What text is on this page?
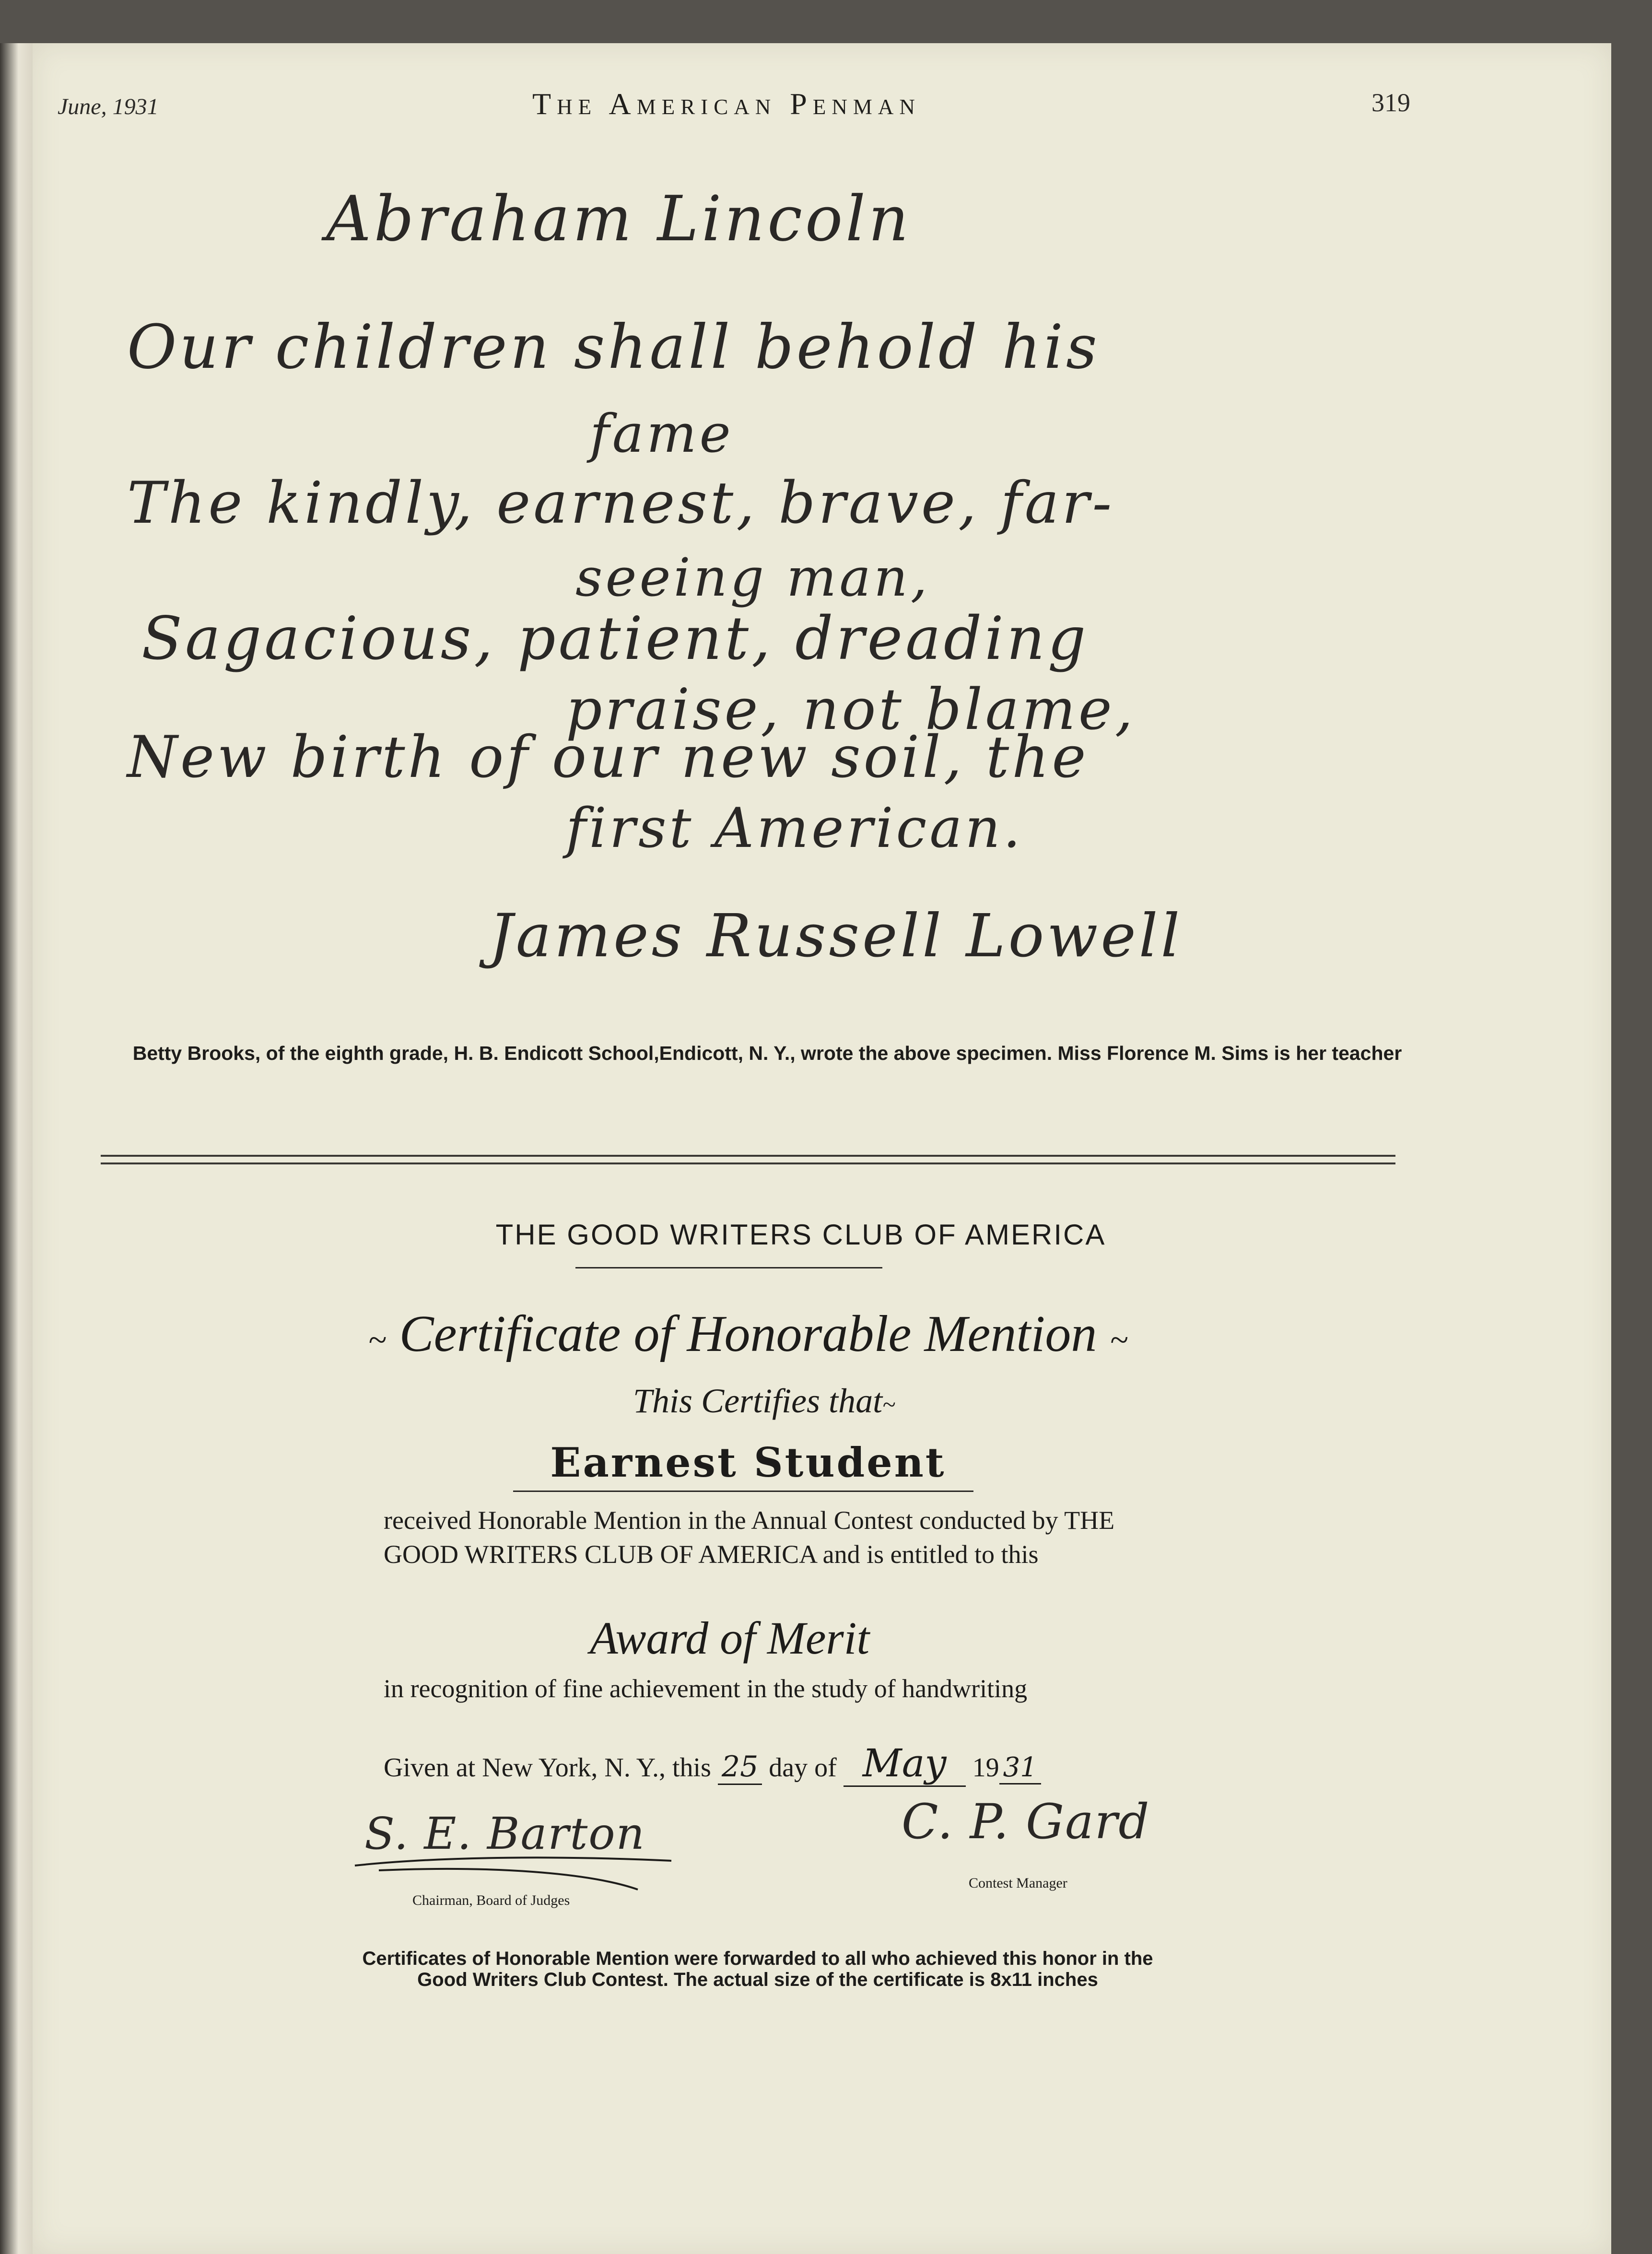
June, 1931	The American Penman	319
Abraham Lincoln
Our children shall behold his
fame
The kindly, earnest, brave, far-
seeing man,
Sagacious, patient, dreading
praise, not blame,
New birth of our new soil, the
first American.
James Russell Lowell
Betty Brooks, of the eighth grade, H. B. Endicott School,Endicott, N. Y., wrote the above specimen. Miss Florence M. Sims is her teacher
THE GOOD WRITERS CLUB OF AMERICA
~ Certificate of Honorable Mention ~
This Certifies that~
Earnest Student
received Honorable Mention in the Annual Contest conducted by THE GOOD WRITERS CLUB OF AMERICA and is entitled to this
Award of Merit
in recognition of fine achievement in the study of handwriting
Given at New York, N. Y., this 25 day of May 19 31
S. E. Barton
Chairman, Board of Judges
C. P. Gard
Contest Manager
Certificates of Honorable Mention were forwarded to all who achieved this honor in the Good Writers Club Contest. The actual size of the certificate is 8x11 inches
